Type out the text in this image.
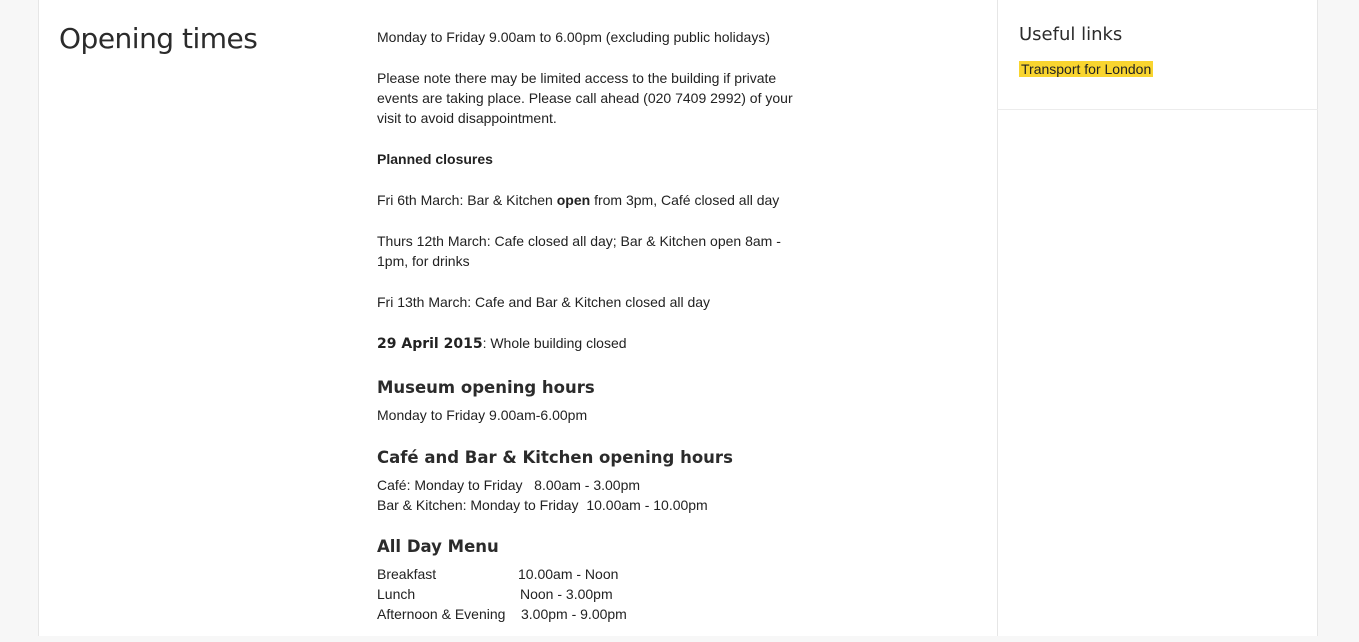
Opening times	Monday to Friday 9.00am to 6.00pm (excluding public holidays)

Please note there may be limited access to the building if private events are taking place. Please call ahead (020 7409 2992) of your visit to avoid disappointment.

Planned closures

Fri 6th March: Bar & Kitchen open from 3pm, Café closed all day

Thurs 12th March: Cafe closed all day; Bar & Kitchen open 8am - 1pm, for drinks

Fri 13th March: Cafe and Bar & Kitchen closed all day

29 April 2015: Whole building closed

Museum opening hours
Monday to Friday 9.00am-6.00pm
Café and Bar & Kitchen opening hours
Café: Monday to Friday   8.00am - 3.00pm
Bar & Kitchen: Monday to Friday  10.00am - 10.00pm
All Day Menu
Breakfast	10.00am - Noon
Lunch	Noon - 3.00pm
Afternoon & Evening	3.00pm - 9.00pm
Useful links
Transport for London
